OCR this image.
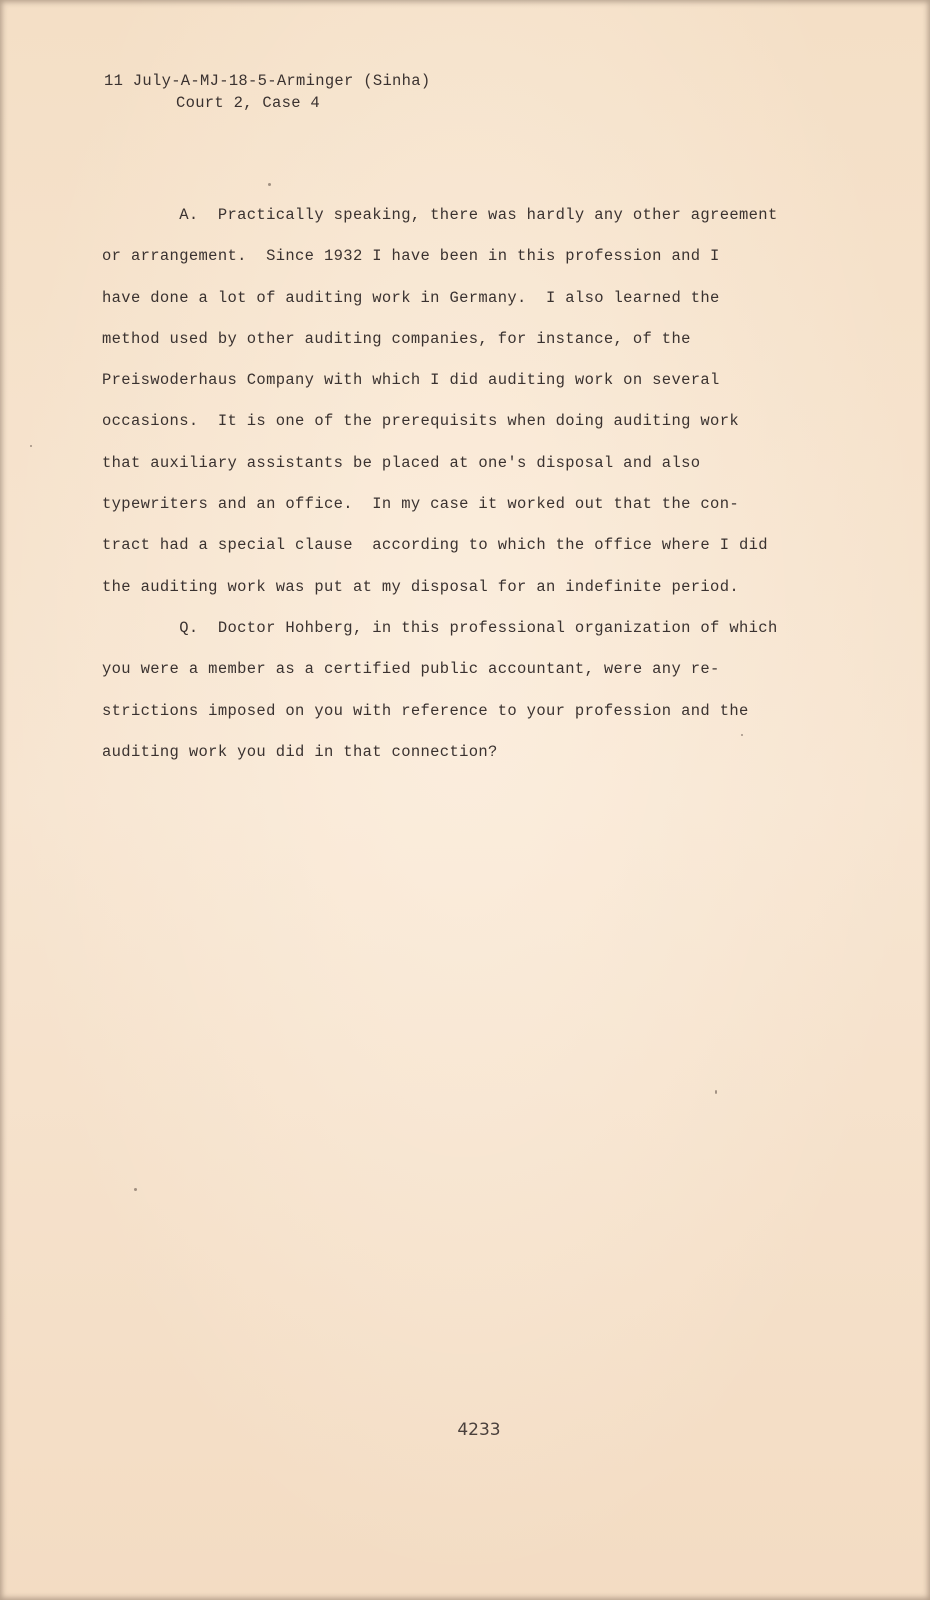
11 July-A-MJ-18-5-Arminger (Sinha)
Court 2, Case 4
A.  Practically speaking, there was hardly any other agreement
or arrangement.  Since 1932 I have been in this profession and I
have done a lot of auditing work in Germany.  I also learned the
method used by other auditing companies, for instance, of the
Preiswoderhaus Company with which I did auditing work on several
occasions.  It is one of the prerequisits when doing auditing work
that auxiliary assistants be placed at one's disposal and also
typewriters and an office.  In my case it worked out that the con-
tract had a special clause  according to which the office where I did
the auditing work was put at my disposal for an indefinite period.
Q.  Doctor Hohberg, in this professional organization of which
you were a member as a certified public accountant, were any re-
strictions imposed on you with reference to your profession and the
auditing work you did in that connection?
4233
